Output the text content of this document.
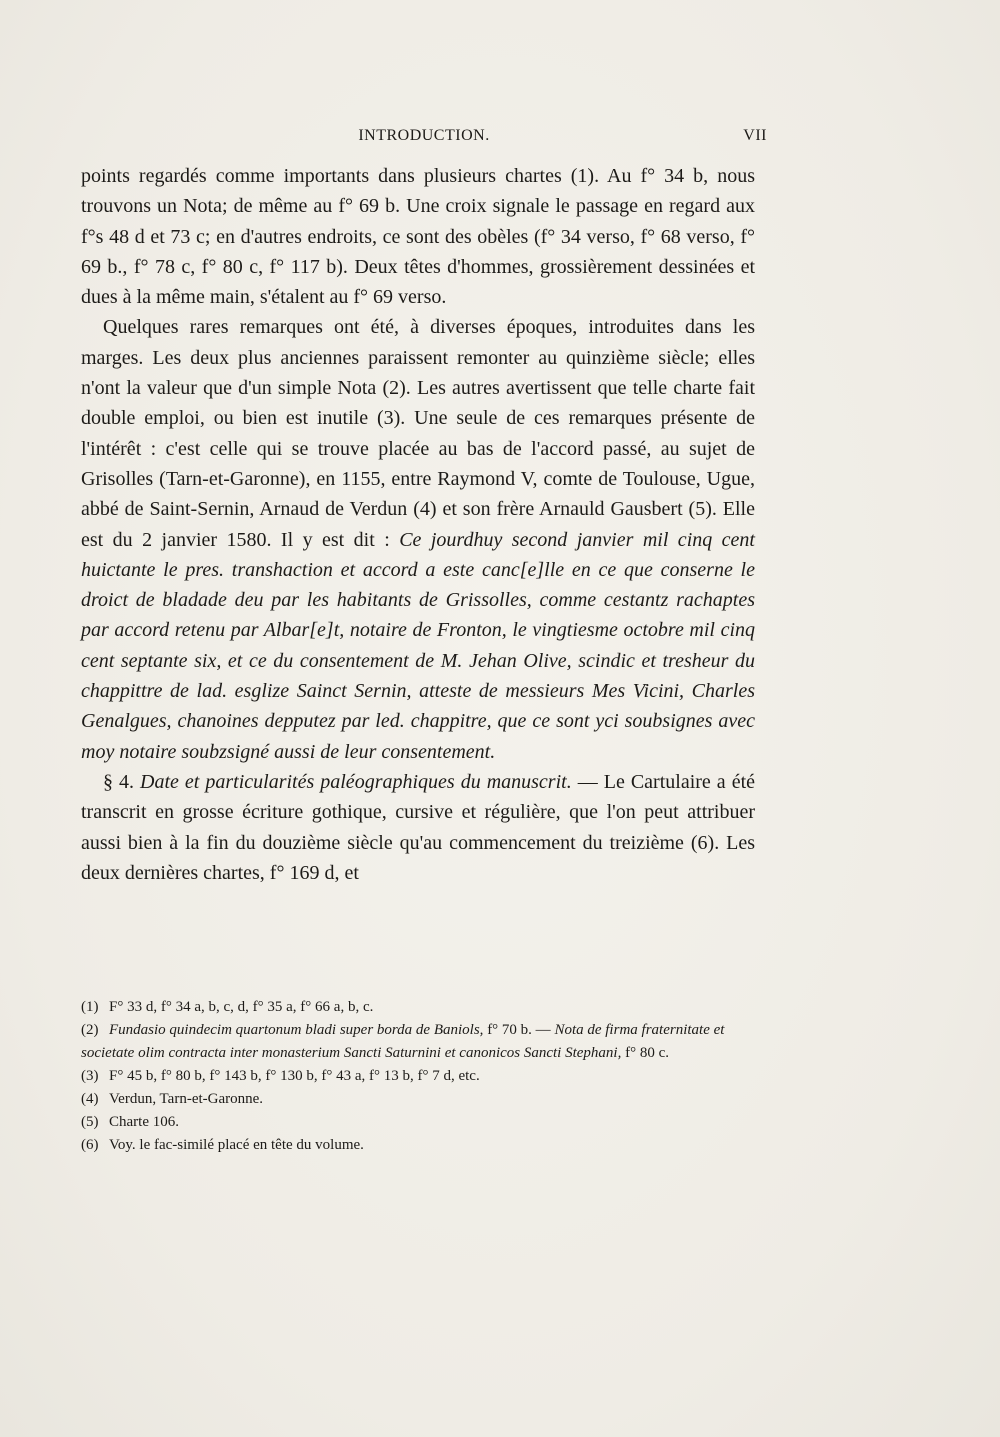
INTRODUCTION.	VII

points regardés comme importants dans plusieurs chartes (1). Au f° 34 b, nous trouvons un Nota; de même au f° 69 b. Une croix signale le passage en regard aux f°s 48 d et 73 c; en d'autres endroits, ce sont des obèles (f° 34 verso, f° 68 verso, f° 69 b., f° 78 c, f° 80 c, f° 117 b). Deux têtes d'hommes, grossièrement dessinées et dues à la même main, s'étalent au f° 69 verso.

Quelques rares remarques ont été, à diverses époques, introduites dans les marges. Les deux plus anciennes paraissent remonter au quinzième siècle; elles n'ont la valeur que d'un simple Nota (2). Les autres avertissent que telle charte fait double emploi, ou bien est inutile (3). Une seule de ces remarques présente de l'intérêt : c'est celle qui se trouve placée au bas de l'accord passé, au sujet de Grisolles (Tarn-et-Garonne), en 1155, entre Raymond V, comte de Toulouse, Ugue, abbé de Saint-Sernin, Arnaud de Verdun (4) et son frère Arnauld Gausbert (5). Elle est du 2 janvier 1580. Il y est dit : Ce jourdhuy second janvier mil cinq cent huictante le pres. transhaction et accord a este canc[e]lle en ce que conserne le droict de bladade deu par les habitants de Grissolles, comme cestantz rachaptes par accord retenu par Albar[e]t, notaire de Fronton, le vingtiesme octobre mil cinq cent septante six, et ce du consentement de M. Jehan Olive, scindic et tresheur du chappittre de lad. esglize Sainct Sernin, atteste de messieurs Mes Vicini, Charles Genalgues, chanoines depputez par led. chappitre, que ce sont yci soubsignes avec moy notaire soubzsigné aussi de leur consentement.

§ 4. Date et particularités paléographiques du manuscrit. — Le Cartulaire a été transcrit en grosse écriture gothique, cursive et régulière, que l'on peut attribuer aussi bien à la fin du douzième siècle qu'au commencement du treizième (6). Les deux dernières chartes, f° 169 d, et

(1) F° 33 d, f° 34 a, b, c, d, f° 35 a, f° 66 a, b, c.

(2) Fundasio quindecim quartonum bladi super borda de Baniols, f° 70 b. — Nota de firma fraternitate et societate olim contracta inter monasterium Sancti Saturnini et canonicos Sancti Stephani, f° 80 c.

(3) F° 45 b, f° 80 b, f° 143 b, f° 130 b, f° 43 a, f° 13 b, f° 7 d, etc.

(4) Verdun, Tarn-et-Garonne.

(5) Charte 106.

(6) Voy. le fac-similé placé en tête du volume.
